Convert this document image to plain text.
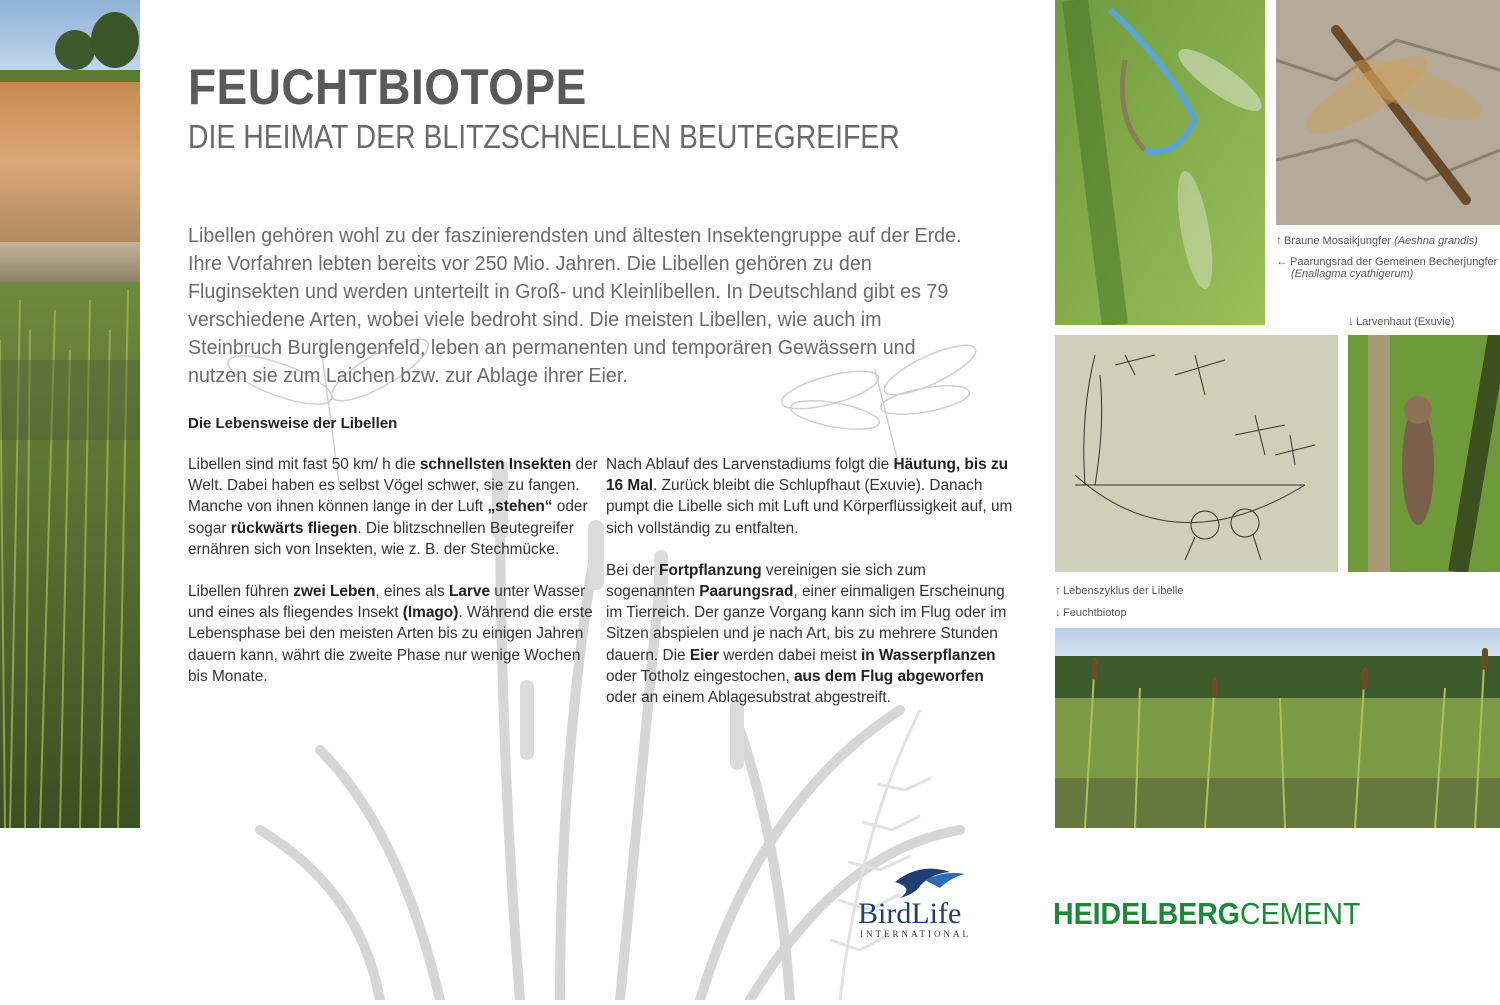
FEUCHTBIOTOPE
DIE HEIMAT DER BLITZSCHNELLEN BEUTEGREIFER

Libellen gehören wohl zu der faszinierendsten und ältesten Insektengruppe auf der Erde. Ihre Vorfahren lebten bereits vor 250 Mio. Jahren. Die Libellen gehören zu den Fluginsekten und werden unterteilt in Groß- und Kleinlibellen. In Deutschland gibt es 79 verschiedene Arten, wobei viele bedroht sind. Die meisten Libellen, wie auch im Steinbruch Burglengenfeld, leben an permanenten und temporären Gewässern und nutzen sie zum Laichen bzw. zur Ablage ihrer Eier.

Die Lebensweise der Libellen

Libellen sind mit fast 50 km/ h die schnellsten Insekten der Welt. Dabei haben es selbst Vögel schwer, sie zu fangen. Manche von ihnen können lange in der Luft „stehen“ oder sogar rückwärts fliegen. Die blitzschnellen Beutegreifer ernähren sich von Insekten, wie z. B. der Stechmücke.

Libellen führen zwei Leben, eines als Larve unter Wasser und eines als fliegendes Insekt (Imago). Während die erste Lebensphase bei den meisten Arten bis zu einigen Jahren dauern kann, währt die zweite Phase nur wenige Wochen bis Monate.

Nach Ablauf des Larvenstadiums folgt die Häutung, bis zu 16 Mal. Zurück bleibt die Schlupfhaut (Exuvie). Danach pumpt die Libelle sich mit Luft und Körperflüssigkeit auf, um sich vollständig zu entfalten.

Bei der Fortpflanzung vereinigen sie sich zum sogenannten Paarungsrad, einer einmaligen Erscheinung im Tierreich. Der ganze Vorgang kann sich im Flug oder im Sitzen abspielen und je nach Art, bis zu mehrere Stunden dauern. Die Eier werden dabei meist in Wasserpflanzen oder Totholz eingestochen, aus dem Flug abgeworfen oder an einem Ablagesubstrat abgestreift.

↑ Braune Mosaikjungfer (Aeshna grandis)
← Paarungsrad der Gemeinen Becherjungfer
(Enallagma cyathigerum)
↓ Larvenhaut (Exuvie)
↑ Lebenszyklus der Libelle
↓ Feuchtbiotop
BirdLife
INTERNATIONAL
HEIDELBERGCEMENT
